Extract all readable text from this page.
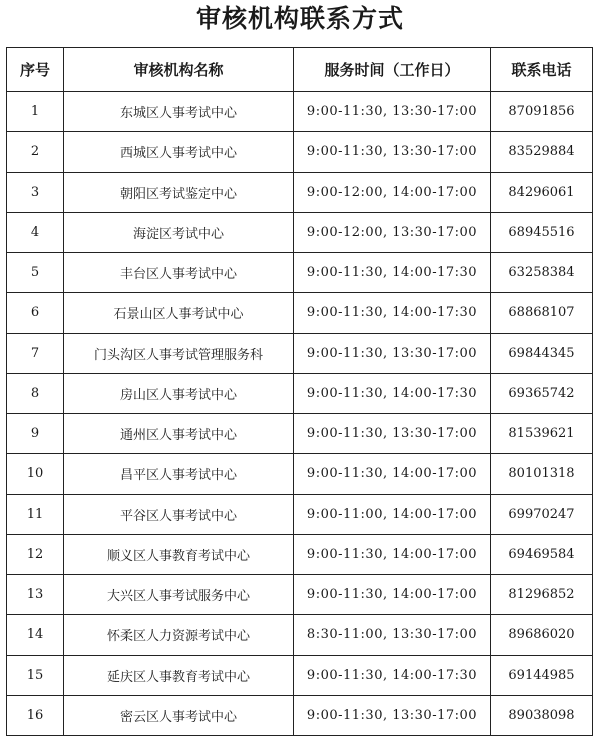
审核机构联系方式
序号	审核机构名称	服务时间（工作日）	联系电话
1	东城区人事考试中心	9:00-11:30, 13:30-17:00	87091856
2	西城区人事考试中心	9:00-11:30, 13:30-17:00	83529884
3	朝阳区考试鉴定中心	9:00-12:00, 14:00-17:00	84296061
4	海淀区考试中心	9:00-12:00, 13:30-17:00	68945516
5	丰台区人事考试中心	9:00-11:30, 14:00-17:30	63258384
6	石景山区人事考试中心	9:00-11:30, 14:00-17:30	68868107
7	门头沟区人事考试管理服务科	9:00-11:30, 13:30-17:00	69844345
8	房山区人事考试中心	9:00-11:30, 14:00-17:30	69365742
9	通州区人事考试中心	9:00-11:30, 13:30-17:00	81539621
10	昌平区人事考试中心	9:00-11:30, 14:00-17:00	80101318
11	平谷区人事考试中心	9:00-11:00, 14:00-17:00	69970247
12	顺义区人事教育考试中心	9:00-11:30, 14:00-17:00	69469584
13	大兴区人事考试服务中心	9:00-11:30, 14:00-17:00	81296852
14	怀柔区人力资源考试中心	8:30-11:00, 13:30-17:00	89686020
15	延庆区人事教育考试中心	9:00-11:30, 14:00-17:30	69144985
16	密云区人事考试中心	9:00-11:30, 13:30-17:00	89038098
